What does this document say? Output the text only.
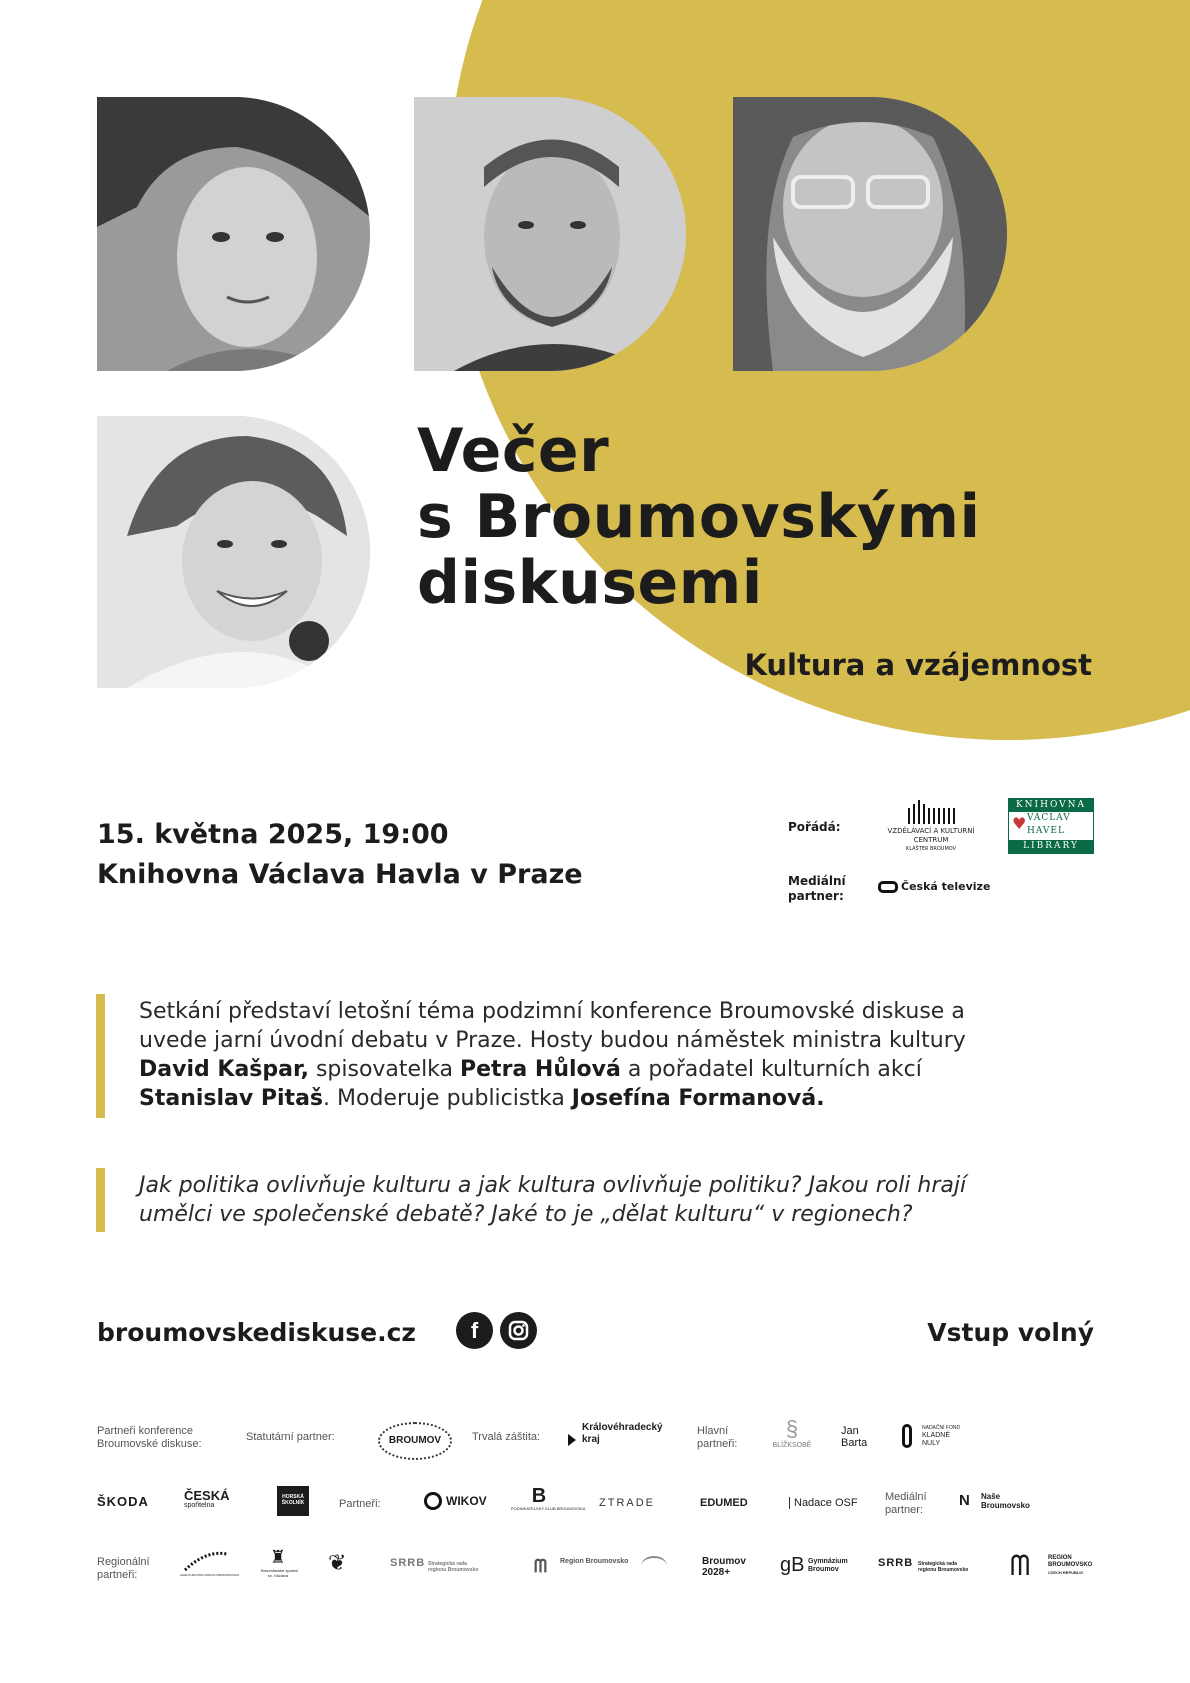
Večer
s Broumovskými
diskusemi
Kultura a vzájemnost
15. května 2025, 19:00
Knihovna Václava Havla v Praze
Pořádá:	VZDĚLÁVACÍ A KULTURNÍ
CENTRUM
KLÁŠTER BROUMOV
KNIHOVNA
♥ VÁCLAV
HAVEL
LIBRARY
Mediální
partner:
Česká televize
Setkání představí letošní téma podzimní konference Broumovské diskuse a uvede jarní úvodní debatu v Praze. Hosty budou náměstek ministra kultury David Kašpar, spisovatelka Petra Hůlová a pořadatel kulturních akcí Stanislav Pitaš. Moderuje publicistka Josefína Formanová.
Jak politika ovlivňuje kulturu a jak kultura ovlivňuje politiku? Jakou roli hrají umělci ve společenské debatě? Jaké to je „dělat kulturu“ v regionech?
broumovskediskuse.cz	f	Vstup volný
Partneři konference
Broumovské diskuse:
Statutární partner:	BROUMOV	Trvalá záštita:
Královéhradecký
kraj
Hlavní
partneři:
§
BLÍŽKSOBĚ
Jan
Barta
NADAČNÍ FOND
KLADNÉ
NULY
ŠKODA	ČESKÁ
spořitelna
HORSKÁ
ŠKOLNÍK	Partneři:	WIKOV	B
PODNIKATELSKÝ KLUB BROUMOVSKA ZTRADE	EDUMED	Nadace OSF Mediální
partner:
N Naše
Broumovsko
Regionální
partneři:	AGENTURA PRO ROZVOJ BROUMOVSKA
♜
Broumlánské spolení
sv. Václava
❦	SRRB Strategická rada
regionu Broumovsko	ᗰ Region Broumovsko	Broumov
2028+	gB Gymnázium
Broumov
SRRB Strategická rada
regionu Broumovsko ᗰ	REGION
BROUMOVSKO
CZECH REPUBLIC
